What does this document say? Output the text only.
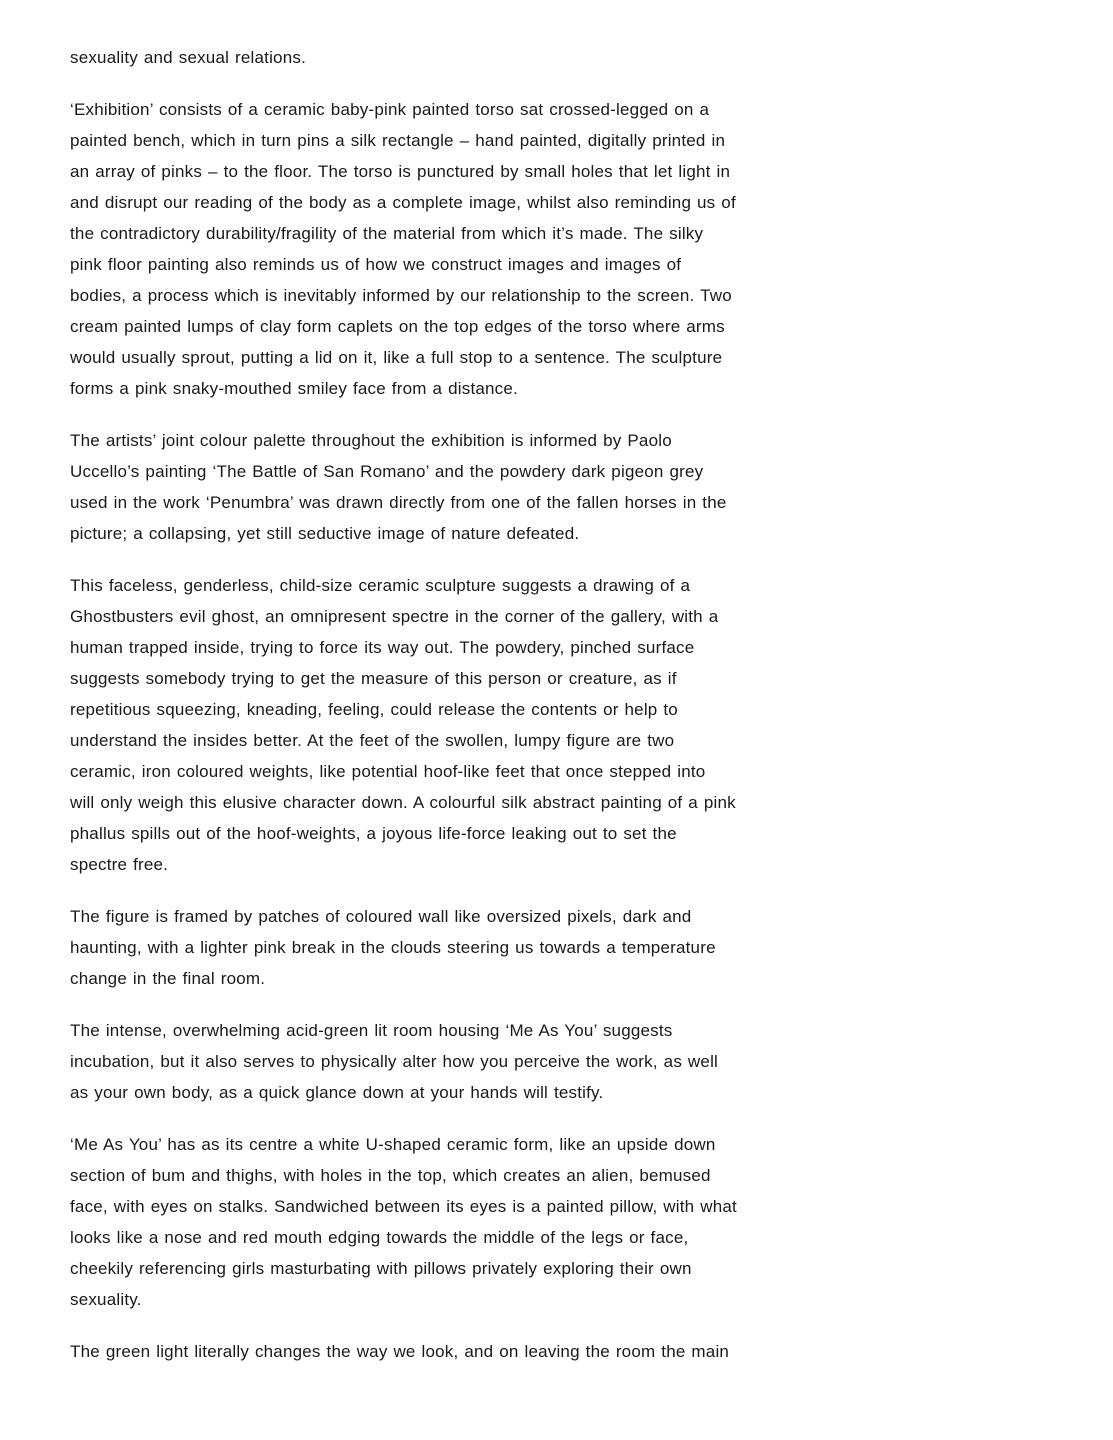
sexuality and sexual relations.
‘Exhibition’ consists of a ceramic baby-pink painted torso sat crossed-legged on a
painted bench, which in turn pins a silk rectangle – hand painted, digitally printed in
an array of pinks – to the floor. The torso is punctured by small holes that let light in
and disrupt our reading of the body as a complete image, whilst also reminding us of
the contradictory durability/fragility of the material from which it’s made. The silky
pink floor painting also reminds us of how we construct images and images of
bodies, a process which is inevitably informed by our relationship to the screen. Two
cream painted lumps of clay form caplets on the top edges of the torso where arms
would usually sprout, putting a lid on it, like a full stop to a sentence. The sculpture
forms a pink snaky-mouthed smiley face from a distance.
The artists’ joint colour palette throughout the exhibition is informed by Paolo
Uccello’s painting ‘The Battle of San Romano’ and the powdery dark pigeon grey
used in the work ‘Penumbra’ was drawn directly from one of the fallen horses in the
picture; a collapsing, yet still seductive image of nature defeated.
This faceless, genderless, child-size ceramic sculpture suggests a drawing of a
Ghostbusters evil ghost, an omnipresent spectre in the corner of the gallery, with a
human trapped inside, trying to force its way out. The powdery, pinched surface
suggests somebody trying to get the measure of this person or creature, as if
repetitious squeezing, kneading, feeling, could release the contents or help to
understand the insides better. At the feet of the swollen, lumpy figure are two
ceramic, iron coloured weights, like potential hoof-like feet that once stepped into
will only weigh this elusive character down. A colourful silk abstract painting of a pink
phallus spills out of the hoof-weights, a joyous life-force leaking out to set the
spectre free.
The figure is framed by patches of coloured wall like oversized pixels, dark and
haunting, with a lighter pink break in the clouds steering us towards a temperature
change in the final room.
The intense, overwhelming acid-green lit room housing ‘Me As You’ suggests
incubation, but it also serves to physically alter how you perceive the work, as well
as your own body, as a quick glance down at your hands will testify.
‘Me As You’ has as its centre a white U-shaped ceramic form, like an upside down
section of bum and thighs, with holes in the top, which creates an alien, bemused
face, with eyes on stalks. Sandwiched between its eyes is a painted pillow, with what
looks like a nose and red mouth edging towards the middle of the legs or face,
cheekily referencing girls masturbating with pillows privately exploring their own
sexuality.
The green light literally changes the way we look, and on leaving the room the main
